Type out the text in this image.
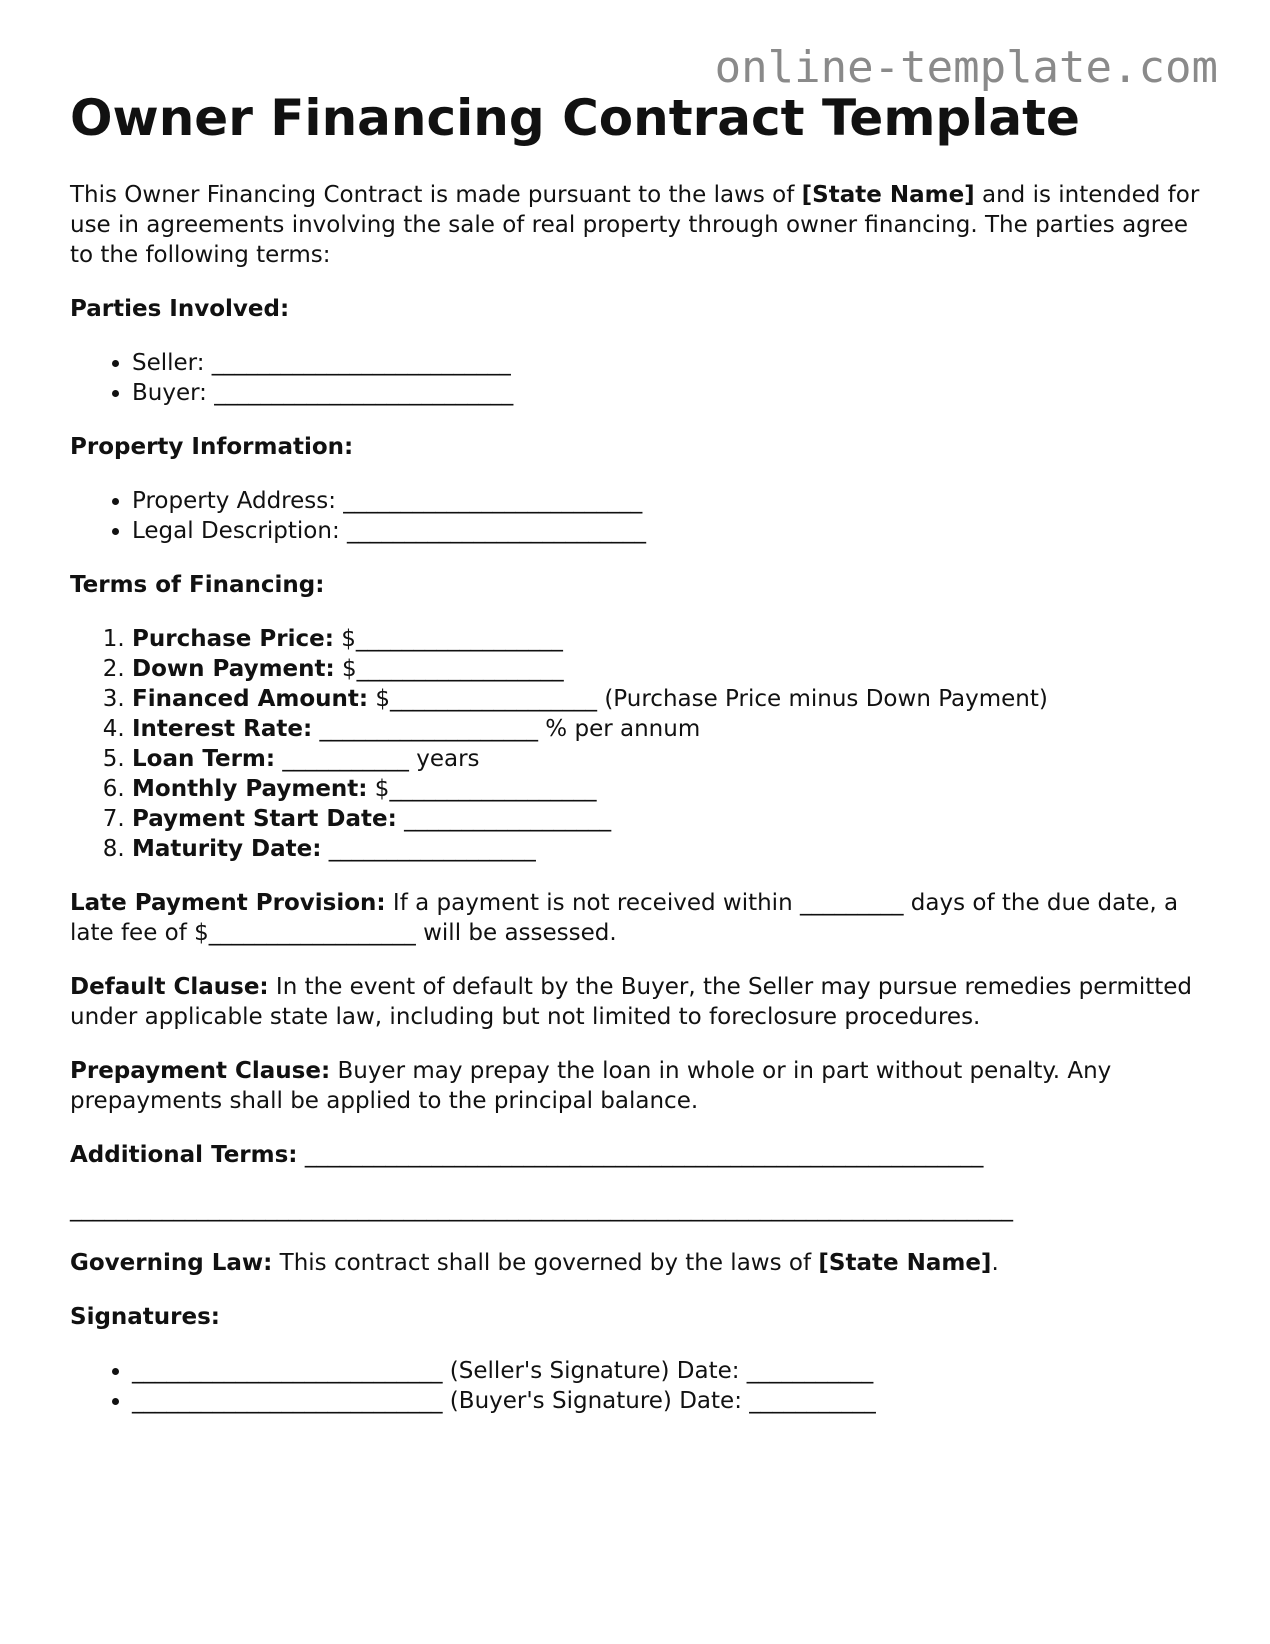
online-template.com
Owner Financing Contract Template

This Owner Financing Contract is made pursuant to the laws of [State Name] and is intended for use in agreements involving the sale of real property through owner financing. The parties agree to the following terms:

Parties Involved:
• Seller: __________________________
• Buyer: __________________________
Property Information:
• Property Address: __________________________
• Legal Description: __________________________
Terms of Financing:
1. Purchase Price: $__________________
2. Down Payment: $__________________
3. Financed Amount: $__________________ (Purchase Price minus Down Payment)
4. Interest Rate: ___________________ % per annum
5. Loan Term: ___________ years
6. Monthly Payment: $__________________
7. Payment Start Date: __________________
8. Maturity Date: __________________

Late Payment Provision: If a payment is not received within _________ days of the due date, a late fee of $__________________ will be assessed.

Default Clause: In the event of default by the Buyer, the Seller may pursue remedies permitted under applicable state law, including but not limited to foreclosure procedures.

Prepayment Clause: Buyer may prepay the loan in whole or in part without penalty. Any prepayments shall be applied to the principal balance.

Additional Terms: ___________________________________________________________

__________________________________________________________________________________

Governing Law: This contract shall be governed by the laws of [State Name].

Signatures:
• ___________________________ (Seller's Signature) Date: ___________
• ___________________________ (Buyer's Signature) Date: ___________
